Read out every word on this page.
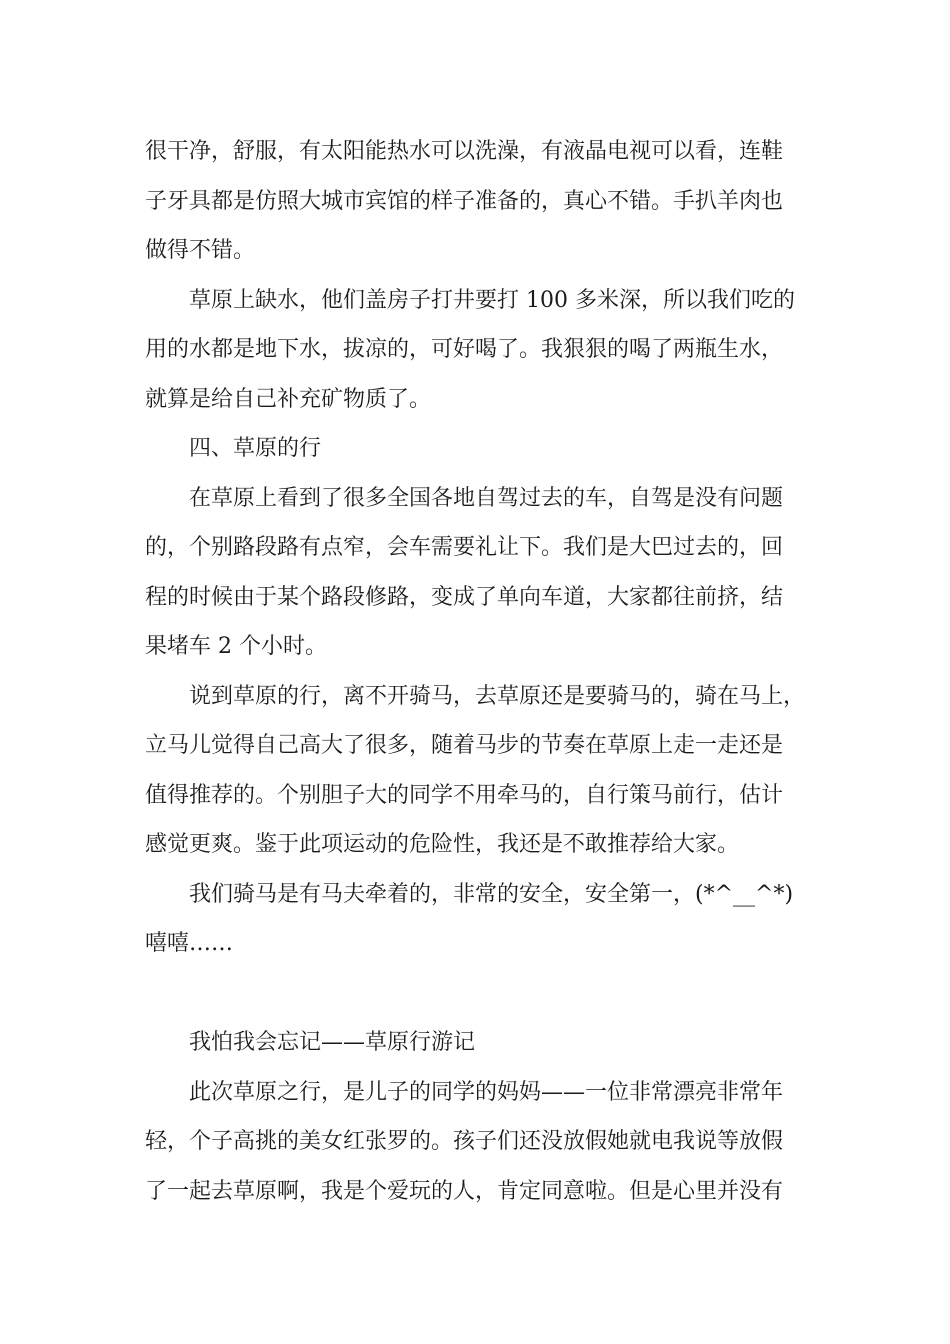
很干净，舒服，有太阳能热水可以洗澡，有液晶电视可以看，连鞋
子牙具都是仿照大城市宾馆的样子准备的，真心不错。手扒羊肉也
做得不错。

草原上缺水，他们盖房子打井要打 100 多米深，所以我们吃的
用的水都是地下水，拔凉的，可好喝了。我狠狠的喝了两瓶生水，
就算是给自己补充矿物质了。

四、草原的行

在草原上看到了很多全国各地自驾过去的车，自驾是没有问题
的，个别路段路有点窄，会车需要礼让下。我们是大巴过去的，回
程的时候由于某个路段修路，变成了单向车道，大家都往前挤，结
果堵车 2 个小时。

说到草原的行，离不开骑马，去草原还是要骑马的，骑在马上，
立马儿觉得自己高大了很多，随着马步的节奏在草原上走一走还是
值得推荐的。个别胆子大的同学不用牵马的，自行策马前行，估计
感觉更爽。鉴于此项运动的危险性，我还是不敢推荐给大家。

我们骑马是有马夫牵着的，非常的安全，安全第一，(*^__^*)
嘻嘻……

我怕我会忘记——草原行游记

此次草原之行，是儿子的同学的妈妈——一位非常漂亮非常年
轻，个子高挑的美女红张罗的。孩子们还没放假她就电我说等放假
了一起去草原啊，我是个爱玩的人，肯定同意啦。但是心里并没有
